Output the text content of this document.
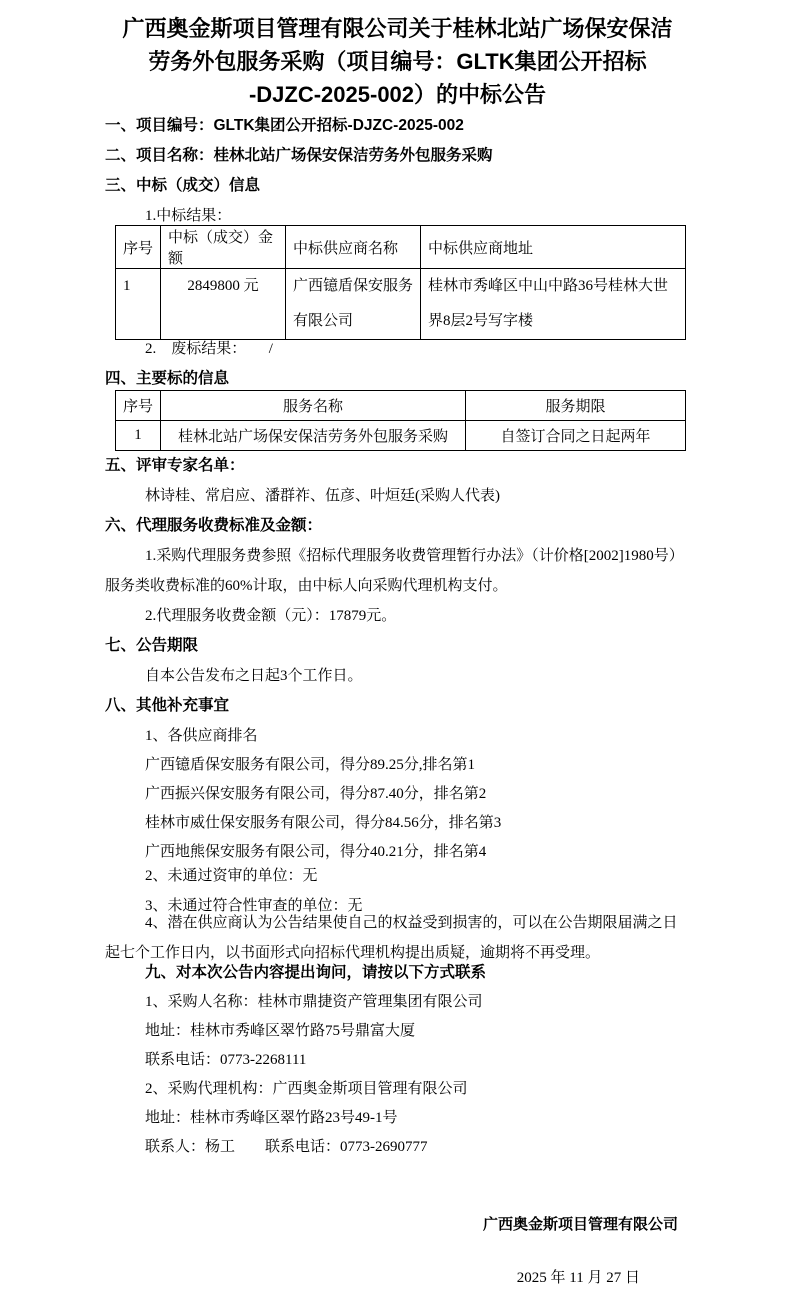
广西奥金斯项目管理有限公司关于桂林北站广场保安保洁
劳务外包服务采购（项目编号：GLTK集团公开招标
-DJZC-2025-002）的中标公告
一、项目编号：GLTK集团公开招标-DJZC-2025-002
二、项目名称：桂林北站广场保安保洁劳务外包服务采购
三、中标（成交）信息
1.中标结果：
序号	中标（成交）金额	中标供应商名称	中标供应商地址
1	2849800 元	广西镱盾保安服务有限公司	桂林市秀峰区中山中路36号桂林大世界8层2号写字楼
2.　废标结果：　　/
四、主要标的信息
序号	服务名称	服务期限
1	桂林北站广场保安保洁劳务外包服务采购	自签订合同之日起两年
五、评审专家名单：
林诗桂、常启应、潘群祚、伍彦、叶烜廷(采购人代表)
六、代理服务收费标准及金额：
1.采购代理服务费参照《招标代理服务收费管理暂行办法》（计价格[2002]1980号）服务类收费标准的60%计取，由中标人向采购代理机构支付。
2.代理服务收费金额（元）：17879元。
七、公告期限
自本公告发布之日起3个工作日。
八、其他补充事宜
1、各供应商排名
广西镱盾保安服务有限公司，得分89.25分,排名第1
广西振兴保安服务有限公司，得分87.40分，排名第2
桂林市威仕保安服务有限公司，得分84.56分，排名第3
广西地熊保安服务有限公司，得分40.21分，排名第4
2、未通过资审的单位：无
3、未通过符合性审查的单位：无
4、潜在供应商认为公告结果使自己的权益受到损害的，可以在公告期限届满之日起七个工作日内，以书面形式向招标代理机构提出质疑，逾期将不再受理。
九、对本次公告内容提出询问，请按以下方式联系
1、采购人名称：桂林市鼎捷资产管理集团有限公司
地址：桂林市秀峰区翠竹路75号鼎富大厦
联系电话：0773-2268111
2、采购代理机构：广西奥金斯项目管理有限公司
地址：桂林市秀峰区翠竹路23号49-1号
联系人：杨工　　联系电话：0773-2690777
广西奥金斯项目管理有限公司
2025 年 11 月 27 日
